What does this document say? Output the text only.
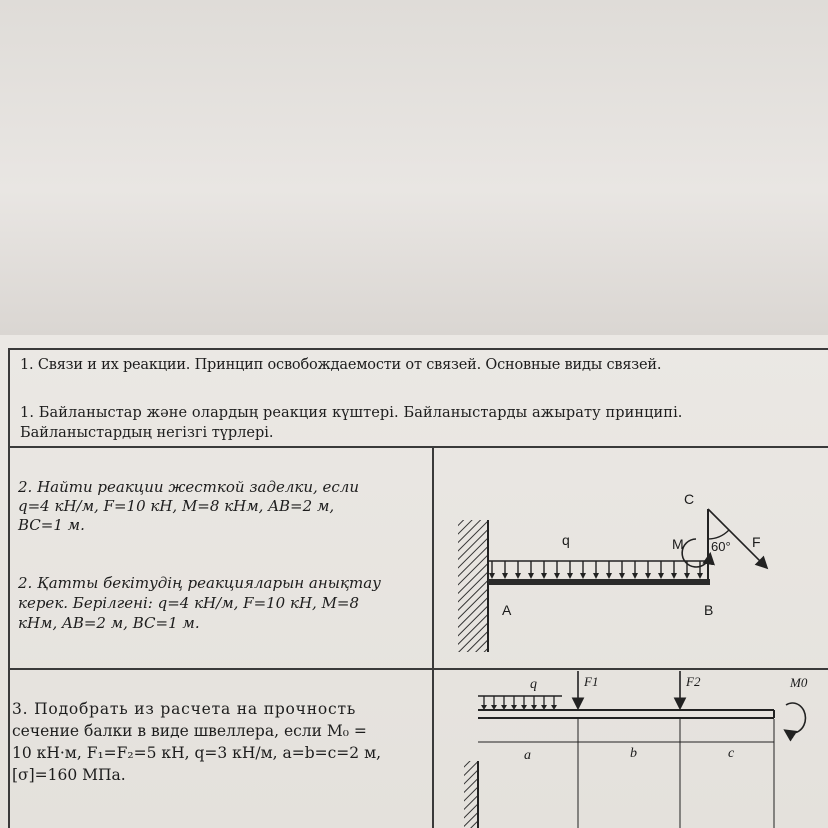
1. Связи и их реакции. Принцип освобождаемости от связей. Основные виды связей.
1. Байланыстар және олардың реакция күштері. Байланыстарды ажырату принципі.
Байланыстардың негізгі түрлері.
2. Найти реакции жесткой заделки, если
q=4 кН/м, F=10 кН, M=8 кНм, AB=2 м,
BC=1 м.
2. Қатты бекітудің реакцияларын анықтау
керек. Берілгені: q=4 кН/м, F=10 кН, M=8
кНм, AB=2 м, BC=1 м.
C
M 60° F
q
A	B
3. Подобрать из расчета на прочность
сечение балки в виде швеллера, если M₀ =
10 кН·м, F₁=F₂=5 кН, q=3 кН/м, a=b=c=2 м,
[σ]=160 МПа.
q	F1	F2	M0
a	b	c
